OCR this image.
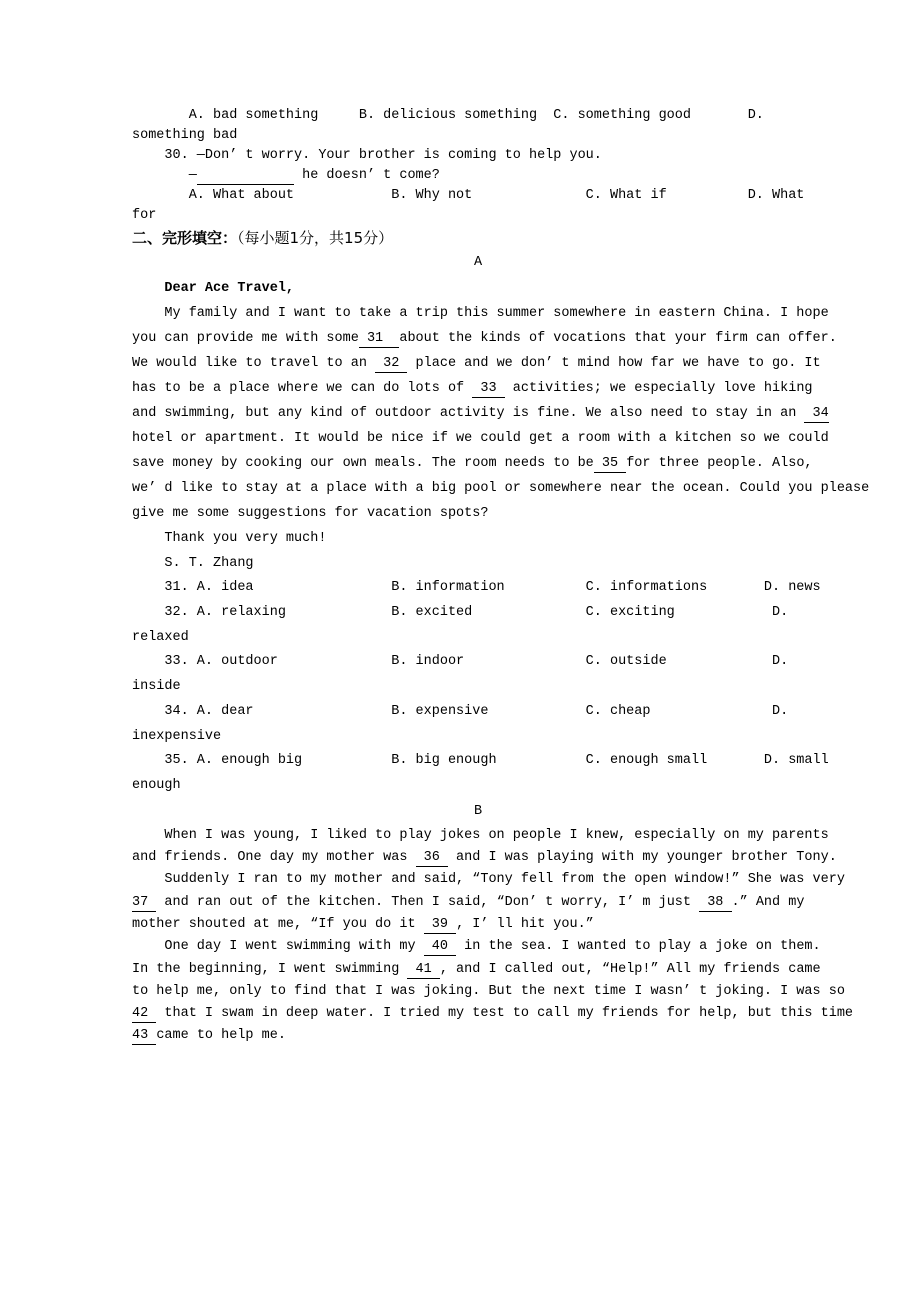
A. bad something     B. delicious something  C. something good       D.
something bad
30. —Don’ t worry. Your brother is coming to help you.
—	he doesn’ t come?
A. What about            B. Why not              C. What if          D. What
for
二、完形填空：（每小题1分，共15分）
A
Dear Ace Travel,
My family and I want to take a trip this summer somewhere in eastern China. I hope
you can provide me with some 31  about the kinds of vocations that your firm can offer.
We would like to travel to an  32  place and we don’ t mind how far we have to go. It
has to be a place where we can do lots of  33  activities; we especially love hiking
and swimming, but any kind of outdoor activity is fine. We also need to stay in an  34
hotel or apartment. It would be nice if we could get a room with a kitchen so we could
save money by cooking our own meals. The room needs to be 35 for three people. Also,
we’ d like to stay at a place with a big pool or somewhere near the ocean. Could you please
give me some suggestions for vacation spots?
Thank you very much!
S. T. Zhang
31. A. idea                 B. information          C. informations       D. news
32. A. relaxing             B. excited              C. exciting            D.
relaxed
33. A. outdoor              B. indoor               C. outside             D.
inside
34. A. dear                 B. expensive            C. cheap               D.
inexpensive
35. A. enough big           B. big enough           C. enough small       D. small
enough
B
When I was young, I liked to play jokes on people I knew, especially on my parents
and friends. One day my mother was  36  and I was playing with my younger brother Tony.
Suddenly I ran to my mother and said, “Tony fell from the open window!” She was very
37  and ran out of the kitchen. Then I said, “Don’ t worry, I’ m just  38 .” And my
mother shouted at me, “If you do it  39 , I’ ll hit you.”
One day I went swimming with my  40  in the sea. I wanted to play a joke on them.
In the beginning, I went swimming  41 , and I called out, “Help!” All my friends came
to help me, only to find that I was joking. But the next time I wasn’ t joking. I was so
42  that I swam in deep water. I tried my test to call my friends for help, but this time
43 came to help me.
